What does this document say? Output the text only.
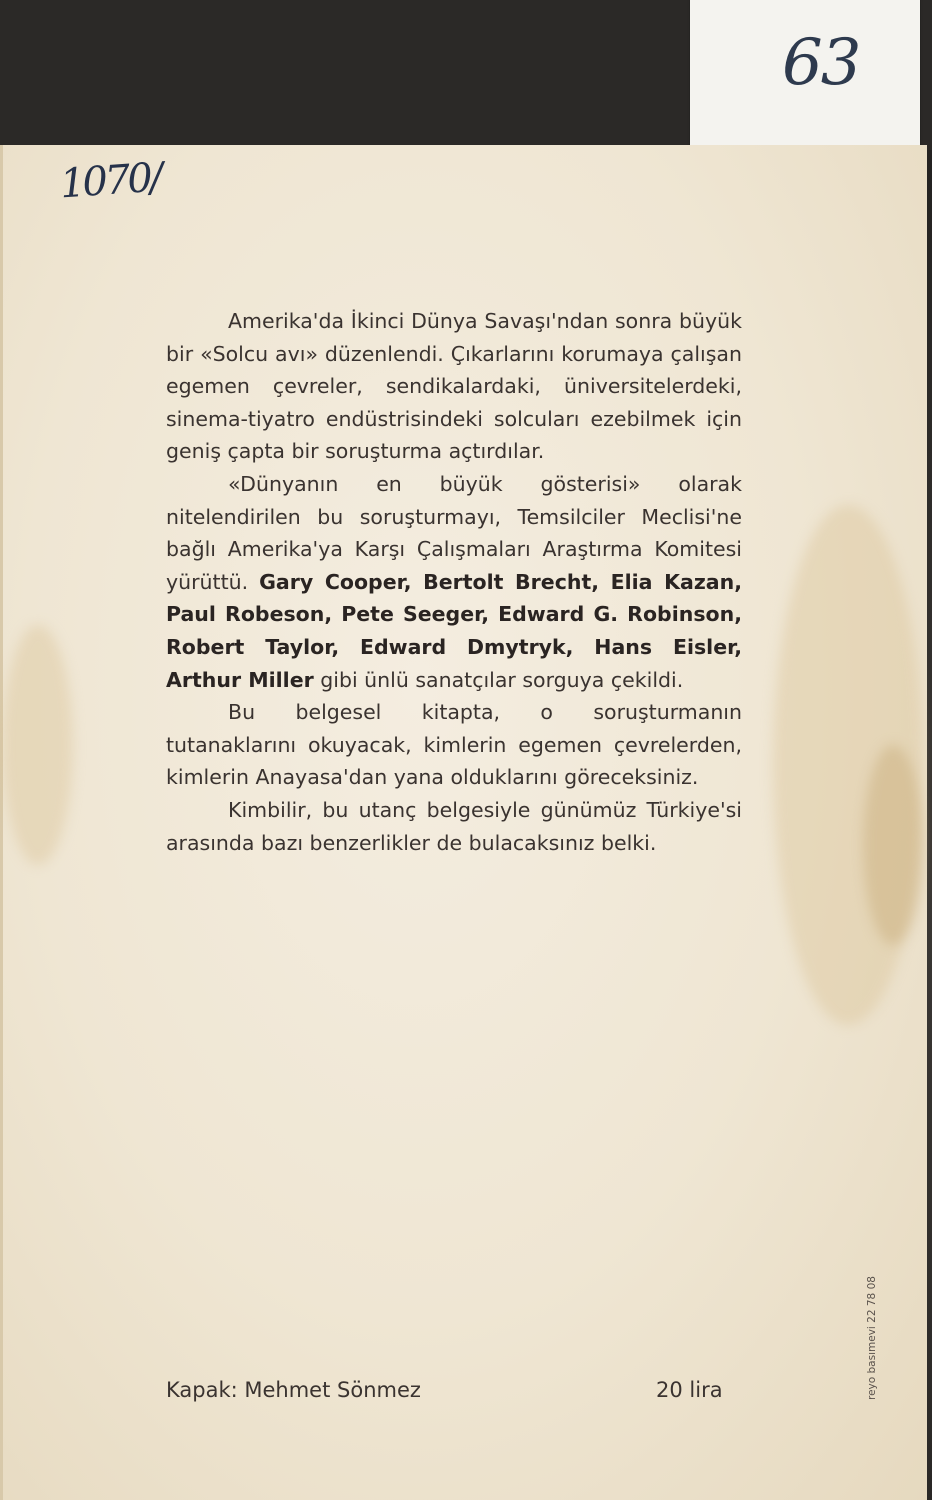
63
1070/

Amerika'da İkinci Dünya Savaşı'ndan sonra büyük bir «Solcu avı» düzenlendi. Çıkarlarını korumaya çalışan egemen çevreler, sendikalardaki, üniversitelerdeki, sinema-tiyatro endüstrisindeki solcuları ezebilmek için geniş çapta bir soruşturma açtırdılar.

«Dünyanın en büyük gösterisi» olarak nitelendirilen bu soruşturmayı, Temsilciler Meclisi'ne bağlı Amerika'ya Karşı Çalışmaları Araştırma Komitesi yürüttü. Gary Cooper, Bertolt Brecht, Elia Kazan, Paul Robeson, Pete Seeger, Edward G. Robinson, Robert Taylor, Edward Dmytryk, Hans Eisler, Arthur Miller gibi ünlü sanatçılar sorguya çekildi.

Bu belgesel kitapta, o soruşturmanın tutanaklarını okuyacak, kimlerin egemen çevrelerden, kimlerin Anayasa'dan yana olduklarını göreceksiniz.

Kimbilir, bu utanç belgesiyle günümüz Türkiye'si arasında bazı benzerlikler de bulacaksınız belki.

Kapak: Mehmet Sönmez	20 lira	reyo basımevi 22 78 08
